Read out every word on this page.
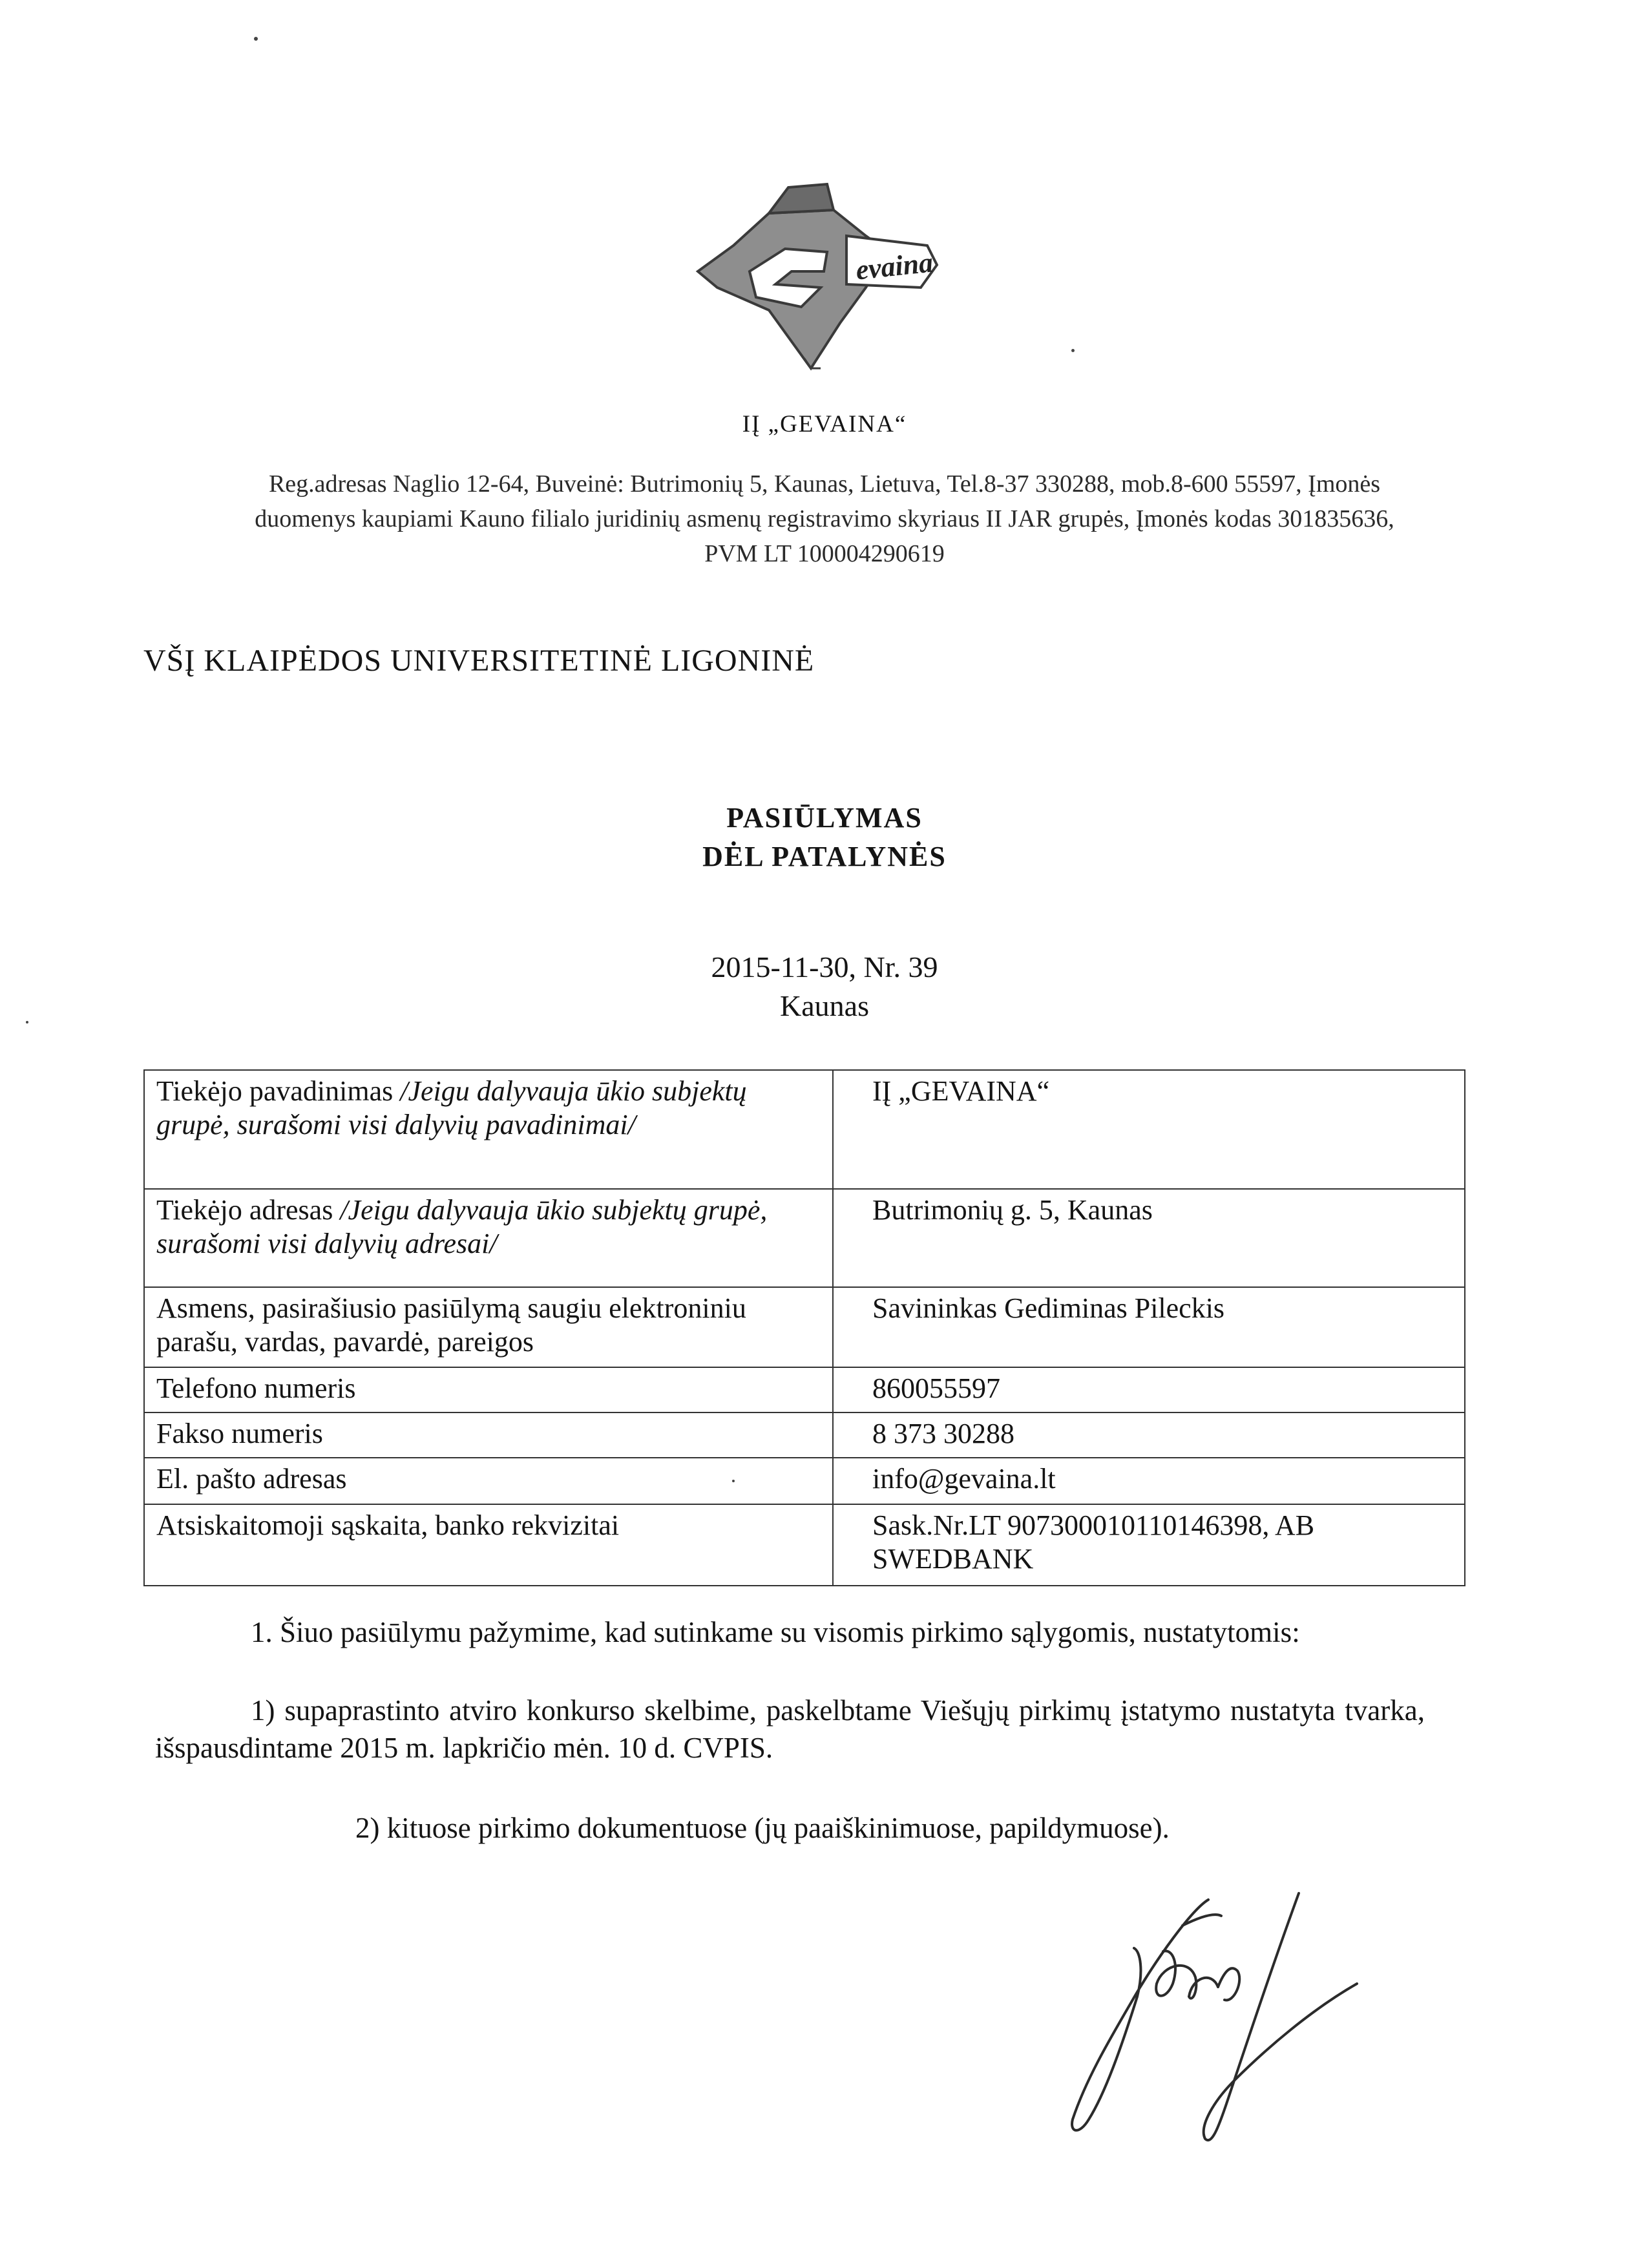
evaina
IĮ „GEVAINA“
Reg.adresas Naglio 12-64, Buveinė: Butrimonių 5, Kaunas, Lietuva, Tel.8-37 330288, mob.8-600 55597, Įmonės
duomenys kaupiami Kauno filialo juridinių asmenų registravimo skyriaus II JAR grupės, Įmonės kodas 301835636,
PVM LT 100004290619
VŠĮ KLAIPĖDOS UNIVERSITETINĖ LIGONINĖ
PASIŪLYMAS
DĖL PATALYNĖS
2015-11-30, Nr. 39
Kaunas
Tiekėjo pavadinimas /Jeigu dalyvauja ūkio subjektų grupė, surašomi visi dalyvių pavadinimai/	IĮ „GEVAINA“
Tiekėjo adresas /Jeigu dalyvauja ūkio subjektų grupė, surašomi visi dalyvių adresai/	Butrimonių g. 5, Kaunas
Asmens, pasirašiusio pasiūlymą saugiu elektroniniu parašu, vardas, pavardė, pareigos	Savininkas Gediminas Pileckis
Telefono numeris	860055597
Fakso numeris	8 373 30288
El. pašto adresas	info@gevaina.lt
Atsiskaitomoji sąskaita, banko rekvizitai	Sask.Nr.LT 907300010110146398, AB SWEDBANK
1. Šiuo pasiūlymu pažymime, kad sutinkame su visomis pirkimo sąlygomis, nustatytomis:
1) supaprastinto atviro konkurso skelbime, paskelbtame Viešųjų pirkimų įstatymo nustatyta tvarka, išspausdintame 2015 m. lapkričio mėn. 10 d. CVPIS.
2) kituose pirkimo dokumentuose (jų paaiškinimuose, papildymuose).
